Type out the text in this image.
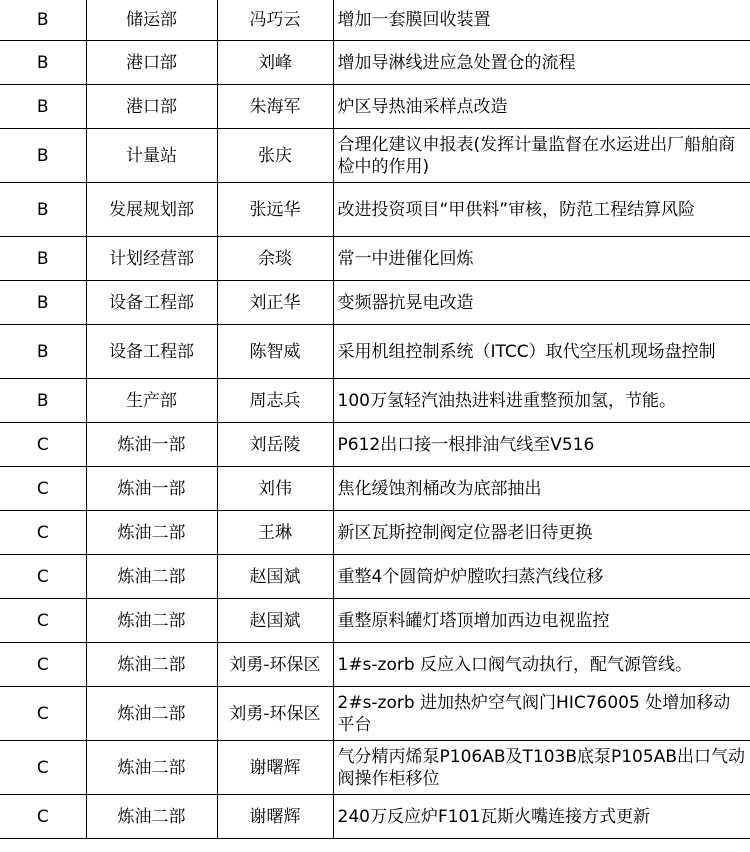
B	储运部	冯巧云	增加一套膜回收装置
B	港口部	刘峰	增加导淋线进应急处置仓的流程
B	港口部	朱海军	炉区导热油采样点改造
B	计量站	张庆	合理化建议申报表(发挥计量监督在水运进出厂船舶商检中的作用)
B	发展规划部	张远华	改进投资项目“甲供料”审核，防范工程结算风险
B	计划经营部	余琰	常一中进催化回炼
B	设备工程部	刘正华	变频器抗晃电改造
B	设备工程部	陈智威	采用机组控制系统（ITCC）取代空压机现场盘控制
B	生产部	周志兵	100万氢轻汽油热进料进重整预加氢，节能。
C	炼油一部	刘岳陵	P612出口接一根排油气线至V516
C	炼油一部	刘伟	焦化缓蚀剂桶改为底部抽出
C	炼油二部	王琳	新区瓦斯控制阀定位器老旧待更换
C	炼油二部	赵国斌	重整4个圆筒炉炉膛吹扫蒸汽线位移
C	炼油二部	赵国斌	重整原料罐灯塔顶增加西边电视监控
C	炼油二部	刘勇-环保区	1#s-zorb 反应入口阀气动执行，配气源管线。
C	炼油二部	刘勇-环保区	2#s-zorb 进加热炉空气阀门HIC76005 处增加移动平台
C	炼油二部	谢曙辉	气分精丙烯泵P106AB及T103B底泵P105AB出口气动阀操作柜移位
C	炼油二部	谢曙辉	240万反应炉F101瓦斯火嘴连接方式更新
